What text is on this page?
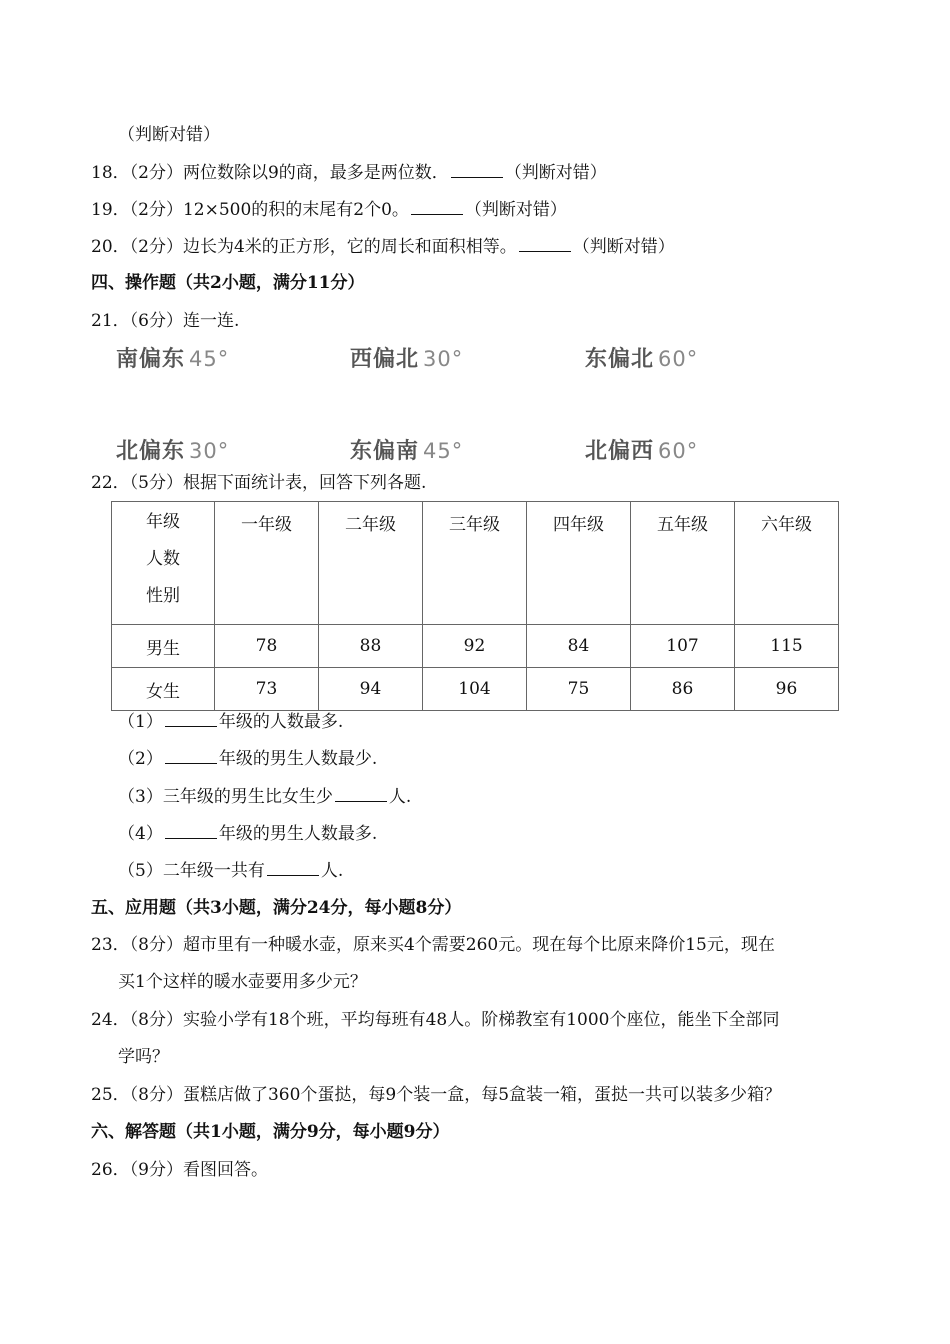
（判断对错）
18．（2分）两位数除以9的商，最多是两位数．	（判断对错）
19．（2分）12×500的积的末尾有2个0。	（判断对错）
20．（2分）边长为4米的正方形，它的周长和面积相等。	（判断对错）
四、操作题（共2小题，满分11分）
21．（6分）连一连.
南偏东 45°	西偏北 30°	东偏北 60°
北偏东 30°	东偏南 45°	北偏西 60°
22．（5分）根据下面统计表，回答下列各题.
年级
人数
性别	一年级	二年级	三年级	四年级	五年级	六年级
男生	78	88	92	84	107	115
女生	73	94	104	75	86	96
（1）	年级的人数最多.
（2）	年级的男生人数最少.
（3）三年级的男生比女生少	人.
（4）	年级的男生人数最多.
（5）二年级一共有	人.
五、应用题（共3小题，满分24分，每小题8分）
23．（8分）超市里有一种暖水壶，原来买4个需要260元。现在每个比原来降价15元，现在
买1个这样的暖水壶要用多少元？
24．（8分）实验小学有18个班，平均每班有48人。阶梯教室有1000个座位，能坐下全部同
学吗？
25．（8分）蛋糕店做了360个蛋挞，每9个装一盒，每5盒装一箱，蛋挞一共可以装多少箱？
六、解答题（共1小题，满分9分，每小题9分）
26．（9分）看图回答。
